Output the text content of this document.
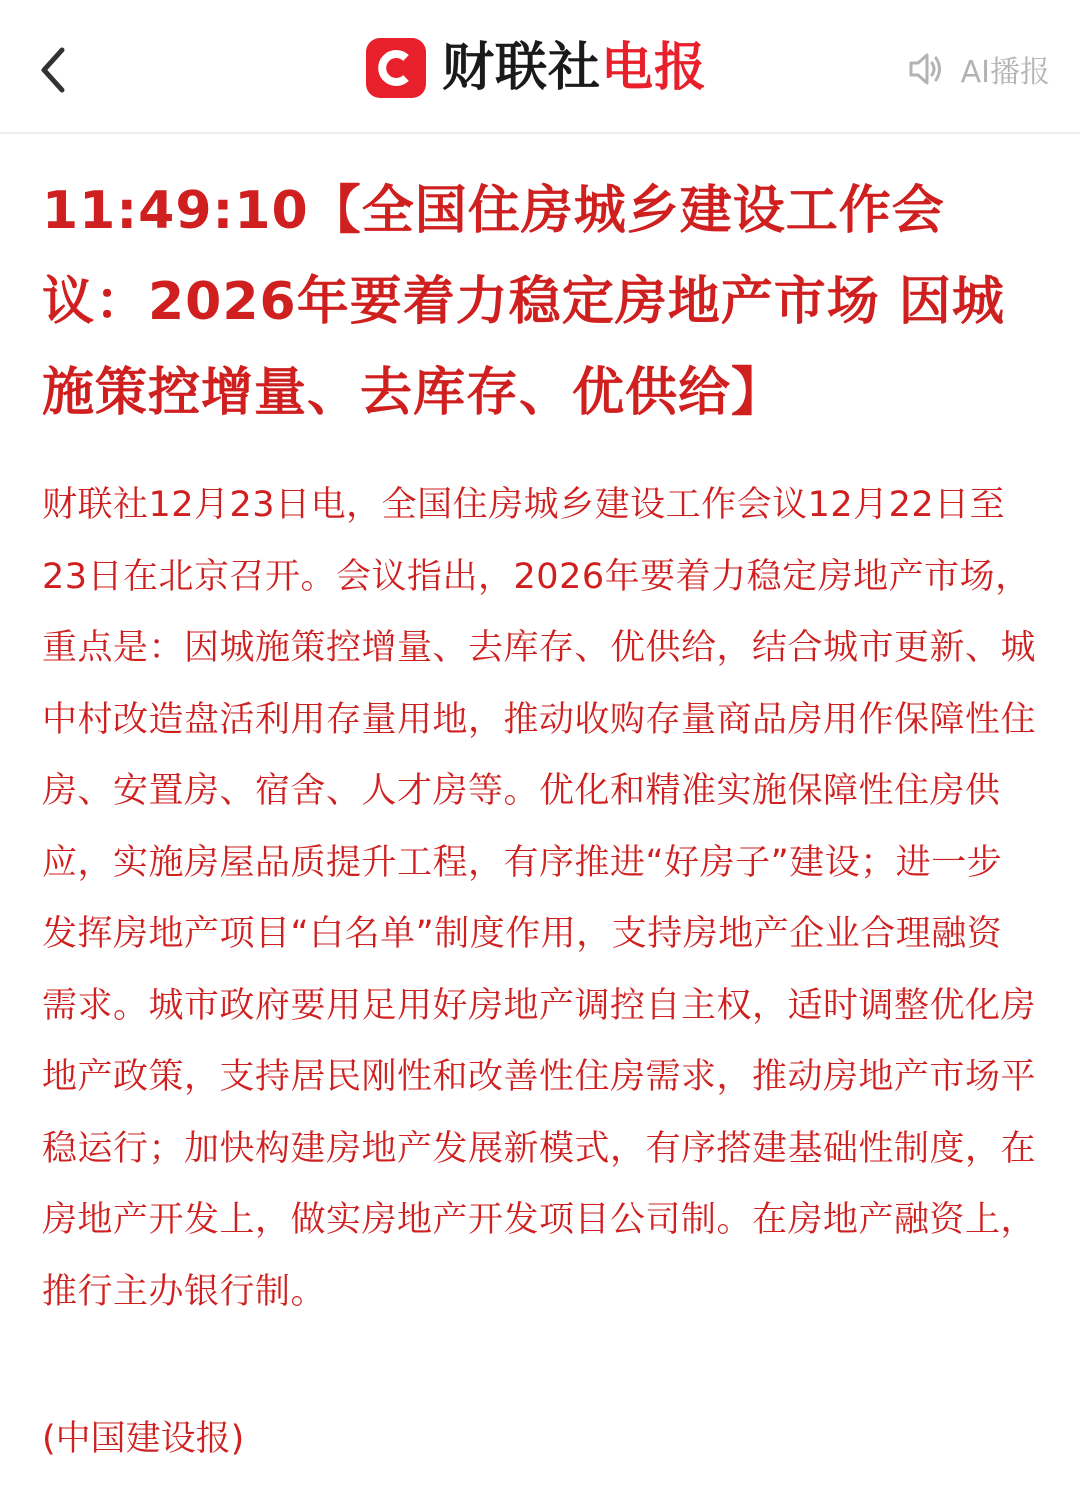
财联社电报	AI播报
11:49:10【全国住房城乡建设工作会议：2026年要着力稳定房地产市场 因城施策控增量、去库存、优供给】

财联社12月23日电，全国住房城乡建设工作会议12月22日至23日在北京召开。会议指出，2026年要着力稳定房地产市场，重点是：因城施策控增量、去库存、优供给，结合城市更新、城中村改造盘活利用存量用地，推动收购存量商品房用作保障性住房、安置房、宿舍、人才房等。优化和精准实施保障性住房供应，实施房屋品质提升工程，有序推进“好房子”建设；进一步发挥房地产项目“白名单”制度作用，支持房地产企业合理融资需求。城市政府要用足用好房地产调控自主权，适时调整优化房地产政策，支持居民刚性和改善性住房需求，推动房地产市场平稳运行；加快构建房地产发展新模式，有序搭建基础性制度，在房地产开发上，做实房地产开发项目公司制。在房地产融资上，推行主办银行制。

(中国建设报)
